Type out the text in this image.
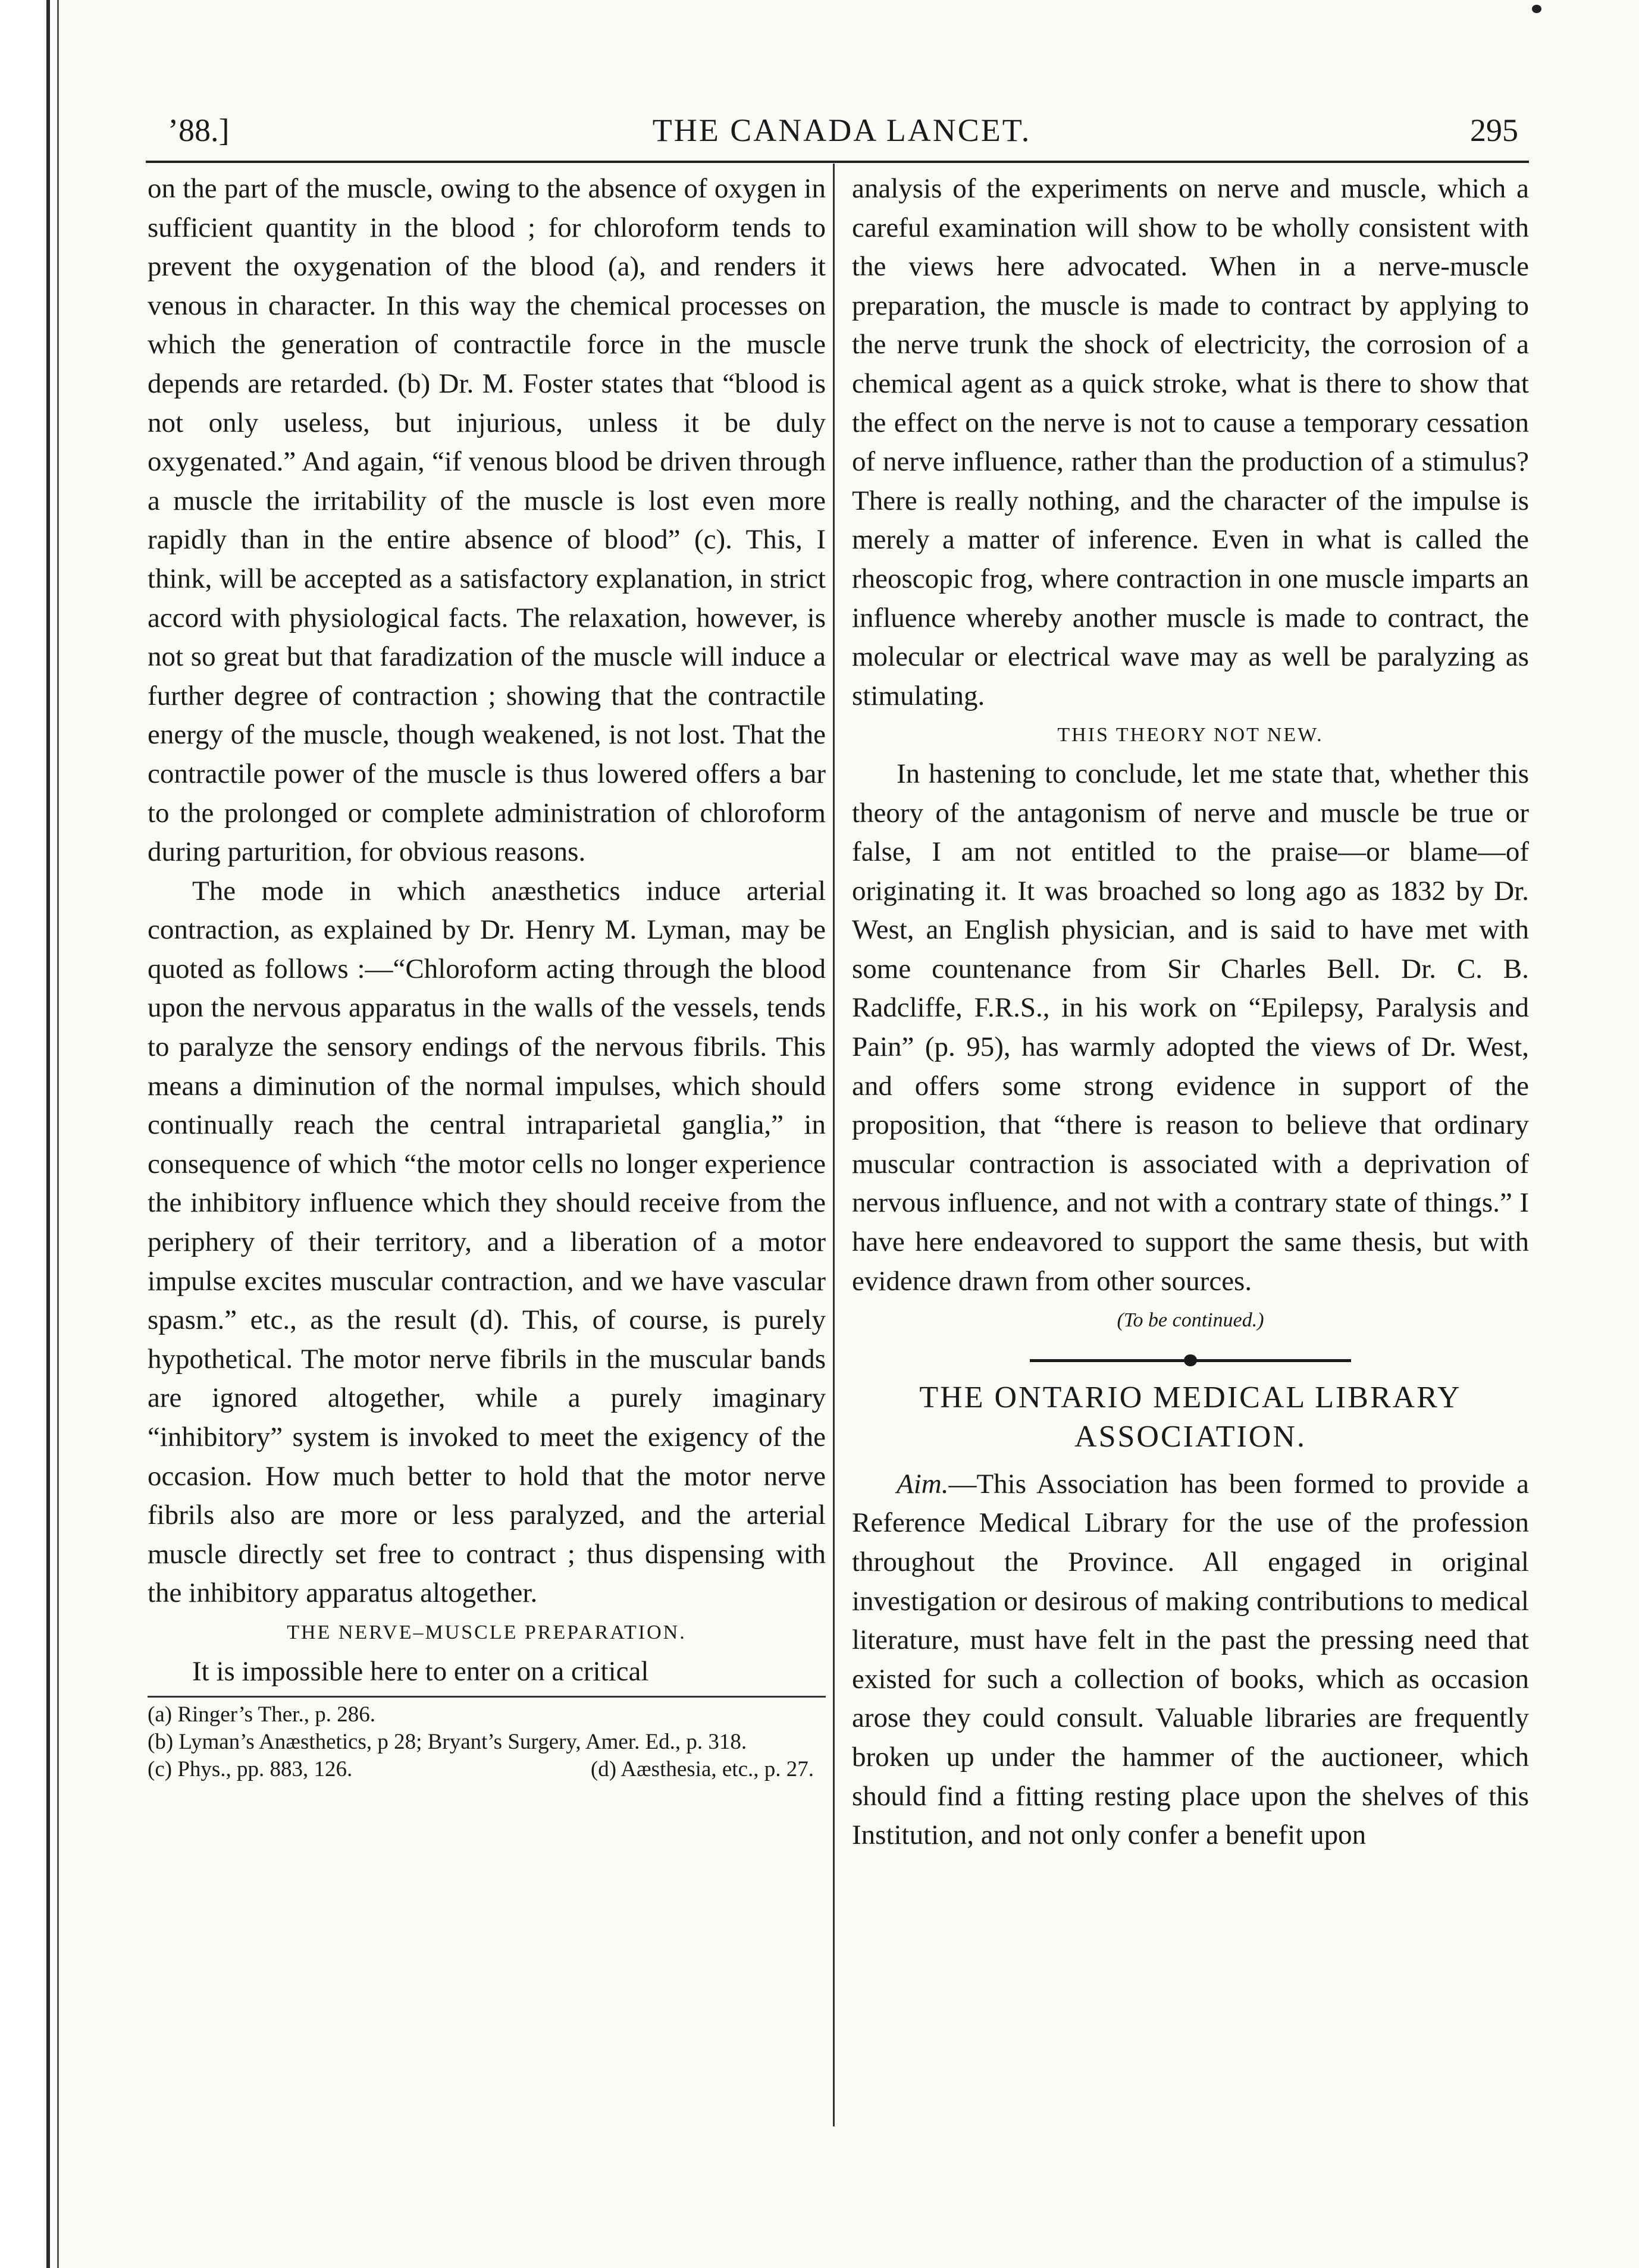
’88.]	THE CANADA LANCET.	295

on the part of the muscle, owing to the absence of oxygen in sufficient quantity in the blood ; for chloroform tends to prevent the oxygenation of the blood (a), and renders it venous in character. In this way the chemical processes on which the generation of contractile force in the muscle depends are retarded. (b) Dr. M. Foster states that “blood is not only useless, but injurious, unless it be duly oxygenated.” And again, “if venous blood be driven through a muscle the irritability of the muscle is lost even more rapidly than in the entire absence of blood” (c). This, I think, will be accepted as a satisfactory explanation, in strict accord with physiological facts. The relaxation, however, is not so great but that faradization of the muscle will induce a further degree of contraction ; showing that the contractile energy of the muscle, though weakened, is not lost. That the contractile power of the muscle is thus lowered offers a bar to the prolonged or complete administration of chloroform during parturition, for obvious reasons.

The mode in which anæsthetics induce arterial contraction, as explained by Dr. Henry M. Lyman, may be quoted as follows :—“Chloroform acting through the blood upon the nervous apparatus in the walls of the vessels, tends to paralyze the sensory endings of the nervous fibrils. This means a diminution of the normal impulses, which should continually reach the central intraparietal ganglia,” in consequence of which “the motor cells no longer experience the inhibitory influence which they should receive from the periphery of their territory, and a liberation of a motor impulse excites muscular contraction, and we have vascular spasm.” etc., as the result (d). This, of course, is purely hypothetical. The motor nerve fibrils in the muscular bands are ignored altogether, while a purely imaginary “inhibitory” system is invoked to meet the exigency of the occasion. How much better to hold that the motor nerve fibrils also are more or less paralyzed, and the arterial muscle directly set free to contract ; thus dispensing with the inhibitory apparatus altogether.

THE NERVE–MUSCLE PREPARATION.

It is impossible here to enter on a critical

(a) Ringer’s Ther., p. 286.

(b) Lyman’s Anæsthetics, p 28; Bryant’s Surgery, Amer. Ed., p. 318.

(c) Phys., pp. 883, 126.	(d) Aæsthesia, etc., p. 27.

analysis of the experiments on nerve and muscle, which a careful examination will show to be wholly consistent with the views here advocated. When in a nerve-muscle preparation, the muscle is made to contract by applying to the nerve trunk the shock of electricity, the corrosion of a chemical agent as a quick stroke, what is there to show that the effect on the nerve is not to cause a temporary cessation of nerve influence, rather than the production of a stimulus? There is really nothing, and the character of the impulse is merely a matter of inference. Even in what is called the rheoscopic frog, where contraction in one muscle imparts an influence whereby another muscle is made to contract, the molecular or electrical wave may as well be paralyzing as stimulating.

THIS THEORY NOT NEW.

In hastening to conclude, let me state that, whether this theory of the antagonism of nerve and muscle be true or false, I am not entitled to the praise—or blame—of originating it. It was broached so long ago as 1832 by Dr. West, an English physician, and is said to have met with some countenance from Sir Charles Bell. Dr. C. B. Radcliffe, F.R.S., in his work on “Epilepsy, Paralysis and Pain” (p. 95), has warmly adopted the views of Dr. West, and offers some strong evidence in support of the proposition, that “there is reason to believe that ordinary muscular contraction is associated with a deprivation of nervous influence, and not with a contrary state of things.” I have here endeavored to support the same thesis, but with evidence drawn from other sources.

(To be continued.)
THE ONTARIO MEDICAL LIBRARY
ASSOCIATION.

Aim.—This Association has been formed to provide a Reference Medical Library for the use of the profession throughout the Province. All engaged in original investigation or desirous of making contributions to medical literature, must have felt in the past the pressing need that existed for such a collection of books, which as occasion arose they could consult. Valuable libraries are frequently broken up under the hammer of the auctioneer, which should find a fitting resting place upon the shelves of this Institution, and not only confer a benefit upon
